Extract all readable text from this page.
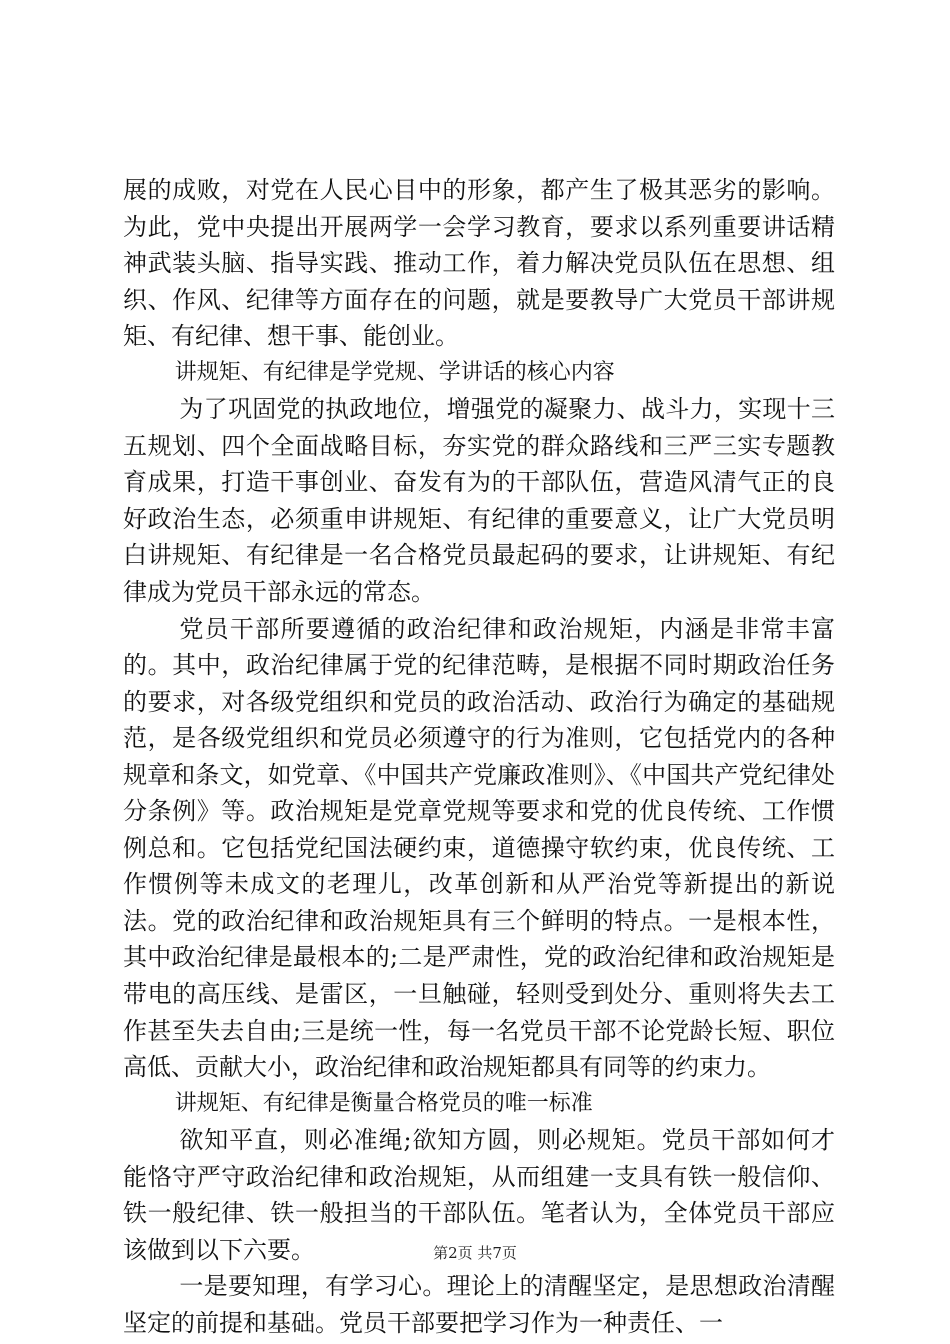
展的成败，对党在人民心目中的形象，都产生了极其恶劣的影响。为此，党中央提出开展两学一会学习教育，要求以系列重要讲话精神武装头脑、指导实践、推动工作，着力解决党员队伍在思想、组织、作风、纪律等方面存在的问题，就是要教导广大党员干部讲规矩、有纪律、想干事、能创业。

讲规矩、有纪律是学党规、学讲话的核心内容

为了巩固党的执政地位，增强党的凝聚力、战斗力，实现十三五规划、四个全面战略目标，夯实党的群众路线和三严三实专题教育成果，打造干事创业、奋发有为的干部队伍，营造风清气正的良好政治生态，必须重申讲规矩、有纪律的重要意义，让广大党员明白讲规矩、有纪律是一名合格党员最起码的要求，让讲规矩、有纪律成为党员干部永远的常态。

党员干部所要遵循的政治纪律和政治规矩，内涵是非常丰富的。其中，政治纪律属于党的纪律范畴，是根据不同时期政治任务的要求，对各级党组织和党员的政治活动、政治行为确定的基础规范，是各级党组织和党员必须遵守的行为准则，它包括党内的各种规章和条文，如党章、《中国共产党廉政准则》、《中国共产党纪律处分条例》等。政治规矩是党章党规等要求和党的优良传统、工作惯例总和。它包括党纪国法硬约束，道德操守软约束，优良传统、工作惯例等未成文的老理儿，改革创新和从严治党等新提出的新说法。党的政治纪律和政治规矩具有三个鲜明的特点。一是根本性，其中政治纪律是最根本的;二是严肃性，党的政治纪律和政治规矩是带电的高压线、是雷区，一旦触碰，轻则受到处分、重则将失去工作甚至失去自由;三是统一性，每一名党员干部不论党龄长短、职位高低、贡献大小，政治纪律和政治规矩都具有同等的约束力。

讲规矩、有纪律是衡量合格党员的唯一标准

欲知平直，则必准绳;欲知方圆，则必规矩。党员干部如何才能恪守严守政治纪律和政治规矩，从而组建一支具有铁一般信仰、铁一般纪律、铁一般担当的干部队伍。笔者认为，全体党员干部应该做到以下六要。

一是要知理，有学习心。理论上的清醒坚定，是思想政治清醒坚定的前提和基础。党员干部要把学习作为一种责任、一

第2页 共7页
